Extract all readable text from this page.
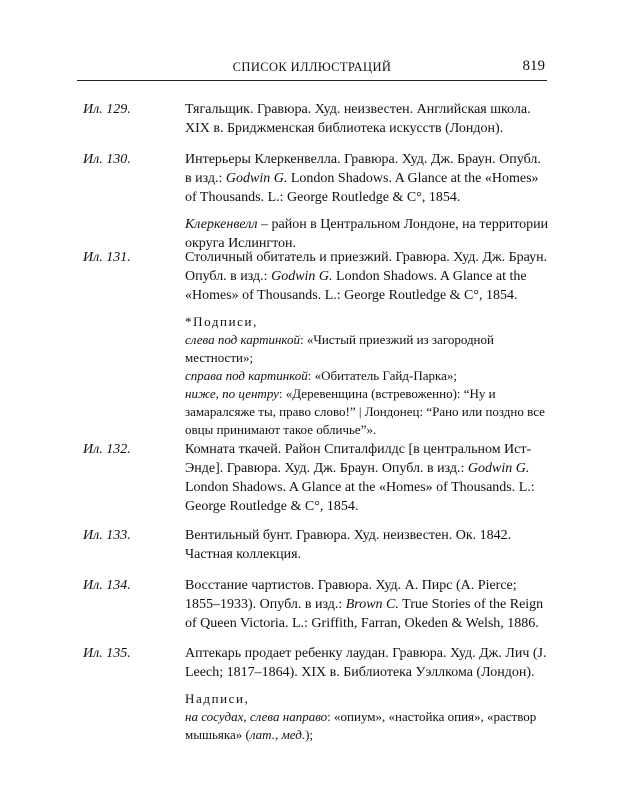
СПИСОК ИЛЛЮСТРАЦИЙ	819
Ил. 129.	Тягальщик. Гравюра. Худ. неизвестен. Английская школа. XIX в. Бриджменская библиотека искусств (Лондон).

Ил. 130.	Интерьеры Клеркенвелла. Гравюра. Худ. Дж. Браун. Опубл. в изд.: Godwin G. London Shadows. A Glance at the «Homes» of Thousands. L.: George Routledge & C°, 1854.

Клеркенвелл – район в Центральном Лондоне, на территории округа Ислингтон.

Ил. 131.	Столичный обитатель и приезжий. Гравюра. Худ. Дж. Браун. Опубл. в изд.: Godwin G. London Shadows. A Glance at the «Homes» of Thousands. L.: George Routledge & C°, 1854.

*Подписи,

слева под картинкой: «Чистый приезжий из загородной местности»;

справа под картинкой: «Обитатель Гайд-Парка»;

ниже, по центру: «Деревенщина (встревоженно): “Ну и замаралсяже ты, право слово!” | Лондонец: “Рано или поздно все овцы принимают такое обличье”».

Ил. 132.	Комната ткачей. Район Спиталфилдс [в центральном Ист-Энде]. Гравюра. Худ. Дж. Браун. Опубл. в изд.: Godwin G. London Shadows. A Glance at the «Homes» of Thousands. L.: George Routledge & C°, 1854.

Ил. 133.	Вентильный бунт. Гравюра. Худ. неизвестен. Ок. 1842. Частная коллекция.

Ил. 134.	Восстание чартистов. Гравюра. Худ. А. Пирс (A. Pierce; 1855–1933). Опубл. в изд.: Brown C. True Stories of the Reign of Queen Victoria. L.: Griffith, Farran, Okeden & Welsh, 1886.

Ил. 135.	Аптекарь продает ребенку лаудан. Гравюра. Худ. Дж. Лич (J. Leech; 1817–1864). XIX в. Библиотека Уэллкома (Лондон).

Надписи,

на сосудах, слева направо: «опиум», «настойка опия», «раствор мышьяка» (лат., мед.);
